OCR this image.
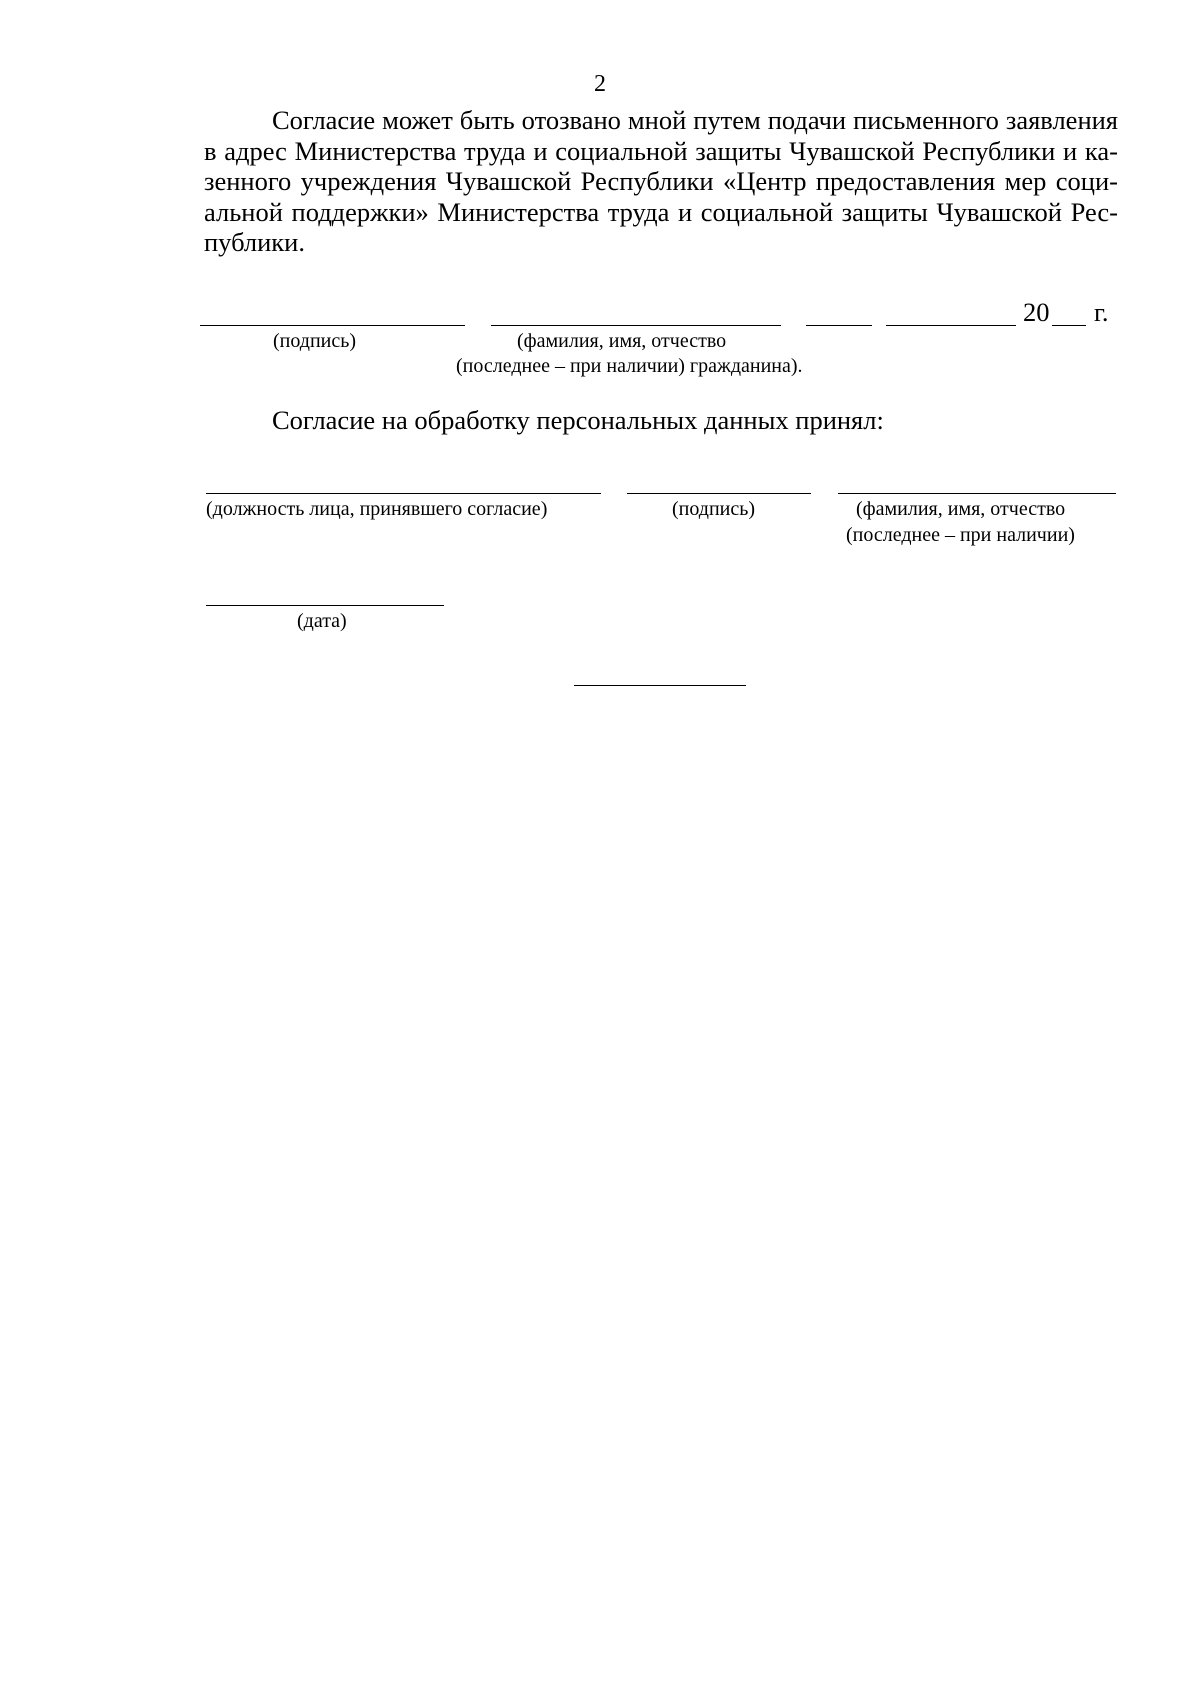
2

Согласие может быть отозвано мной путем подачи письменного заявления в адрес Министерства труда и социальной защиты Чувашской Республики и казенного учреждения Чувашской Республики «Центр предоставления мер социальной поддержки» Министерства труда и социальной защиты Чувашской Республики.

20 г.
(подпись)	(фамилия, имя, отчество
(последнее – при наличии) гражданина).
Согласие на обработку персональных данных принял:
(должность лица, принявшего согласие)	(подпись)	(фамилия, имя, отчество
(последнее – при наличии)
(дата)
